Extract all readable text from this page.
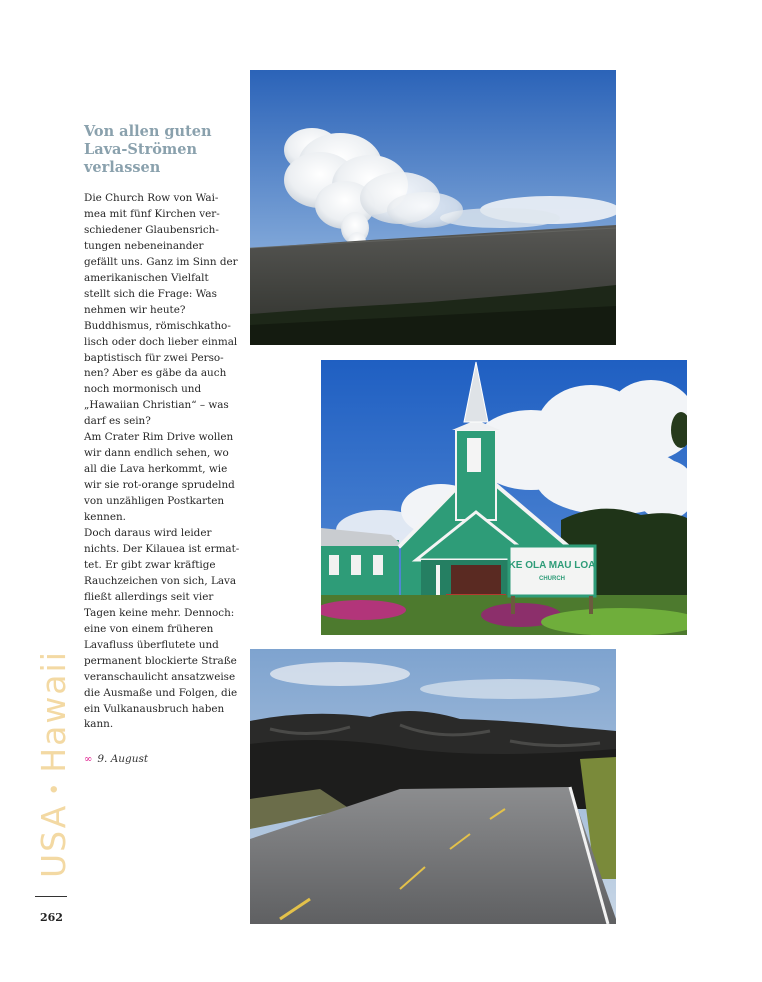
Von allen guten
Lava-Strömen
verlassen
Die Church Row von Wai-
mea mit fünf Kirchen ver-
schiedener Glaubensrich-
tungen nebeneinander
gefällt uns. Ganz im Sinn der
amerikanischen Vielfalt
stellt sich die Frage: Was
nehmen wir heute?
Buddhismus, römischkatho-
lisch oder doch lieber einmal
baptistisch für zwei Perso-
nen? Aber es gäbe da auch
noch mormonisch und
„Hawaiian Christian“ – was
darf es sein?
Am Crater Rim Drive wollen
wir dann endlich sehen, wo
all die Lava herkommt, wie
wir sie rot-orange sprudelnd
von unzähligen Postkarten
kennen.
Doch daraus wird leider
nichts. Der Kilauea ist ermat-
tet. Er gibt zwar kräftige
Rauchzeichen von sich, Lava
fließt allerdings seit vier
Tagen keine mehr. Dennoch:
eine von einem früheren
Lavafluss überflutete und
permanent blockierte Straße
veranschaulicht ansatzweise
die Ausmaße und Folgen, die
ein Vulkanausbruch haben
kann.
∞ 9. August
USA•Hawaii
262
KE OLA MAU LOA
CHURCH
